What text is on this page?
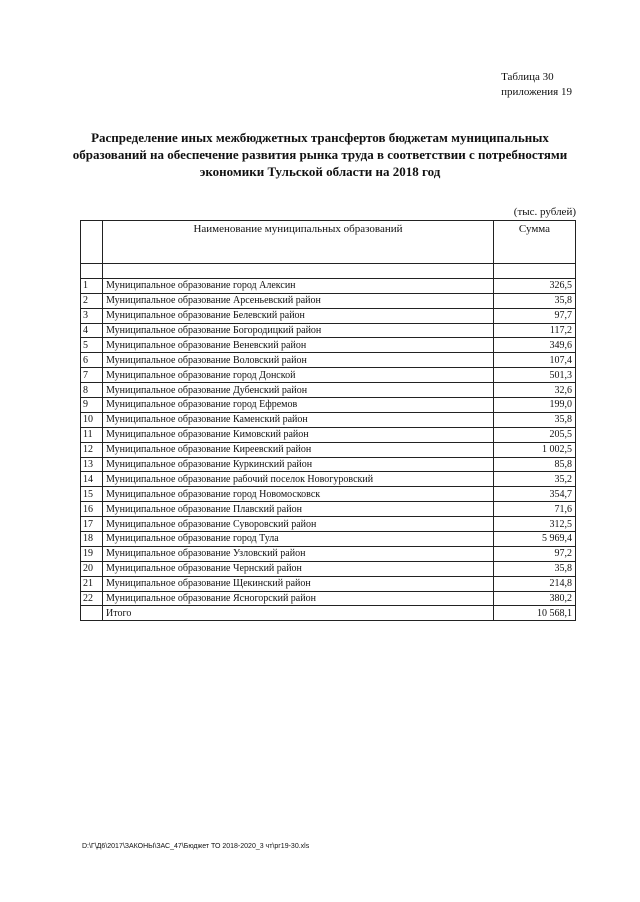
Таблица 30
приложения 19
Распределение иных межбюджетных трансфертов бюджетам муниципальных
образований на обеспечение развития рынка труда в соответствии с потребностями
экономики Тульской области на 2018 год
(тыс. рублей)
	Наименование муниципальных образований	Сумма

1	Муниципальное образование город Алексин	326,5
2	Муниципальное образование Арсеньевский район	35,8
3	Муниципальное образование Белевский район	97,7
4	Муниципальное образование Богородицкий район	117,2
5	Муниципальное образование Веневский район	349,6
6	Муниципальное образование Воловский район	107,4
7	Муниципальное образование город Донской	501,3
8	Муниципальное образование Дубенский район	32,6
9	Муниципальное образование город Ефремов	199,0
10	Муниципальное образование Каменский район	35,8
11	Муниципальное образование Кимовский район	205,5
12	Муниципальное образование Киреевский район	1 002,5
13	Муниципальное образование Куркинский район	85,8
14	Муниципальное образование рабочий поселок Новогуровский	35,2
15	Муниципальное образование город Новомосковск	354,7
16	Муниципальное образование Плавский район	71,6
17	Муниципальное образование Суворовский район	312,5
18	Муниципальное образование город Тула	5 969,4
19	Муниципальное образование Узловский район	97,2
20	Муниципальное образование Чернский район	35,8
21	Муниципальное образование Щекинский район	214,8
22	Муниципальное образование Ясногорский район	380,2
	Итого	10 568,1
D:\Г\Д6\2017\ЗАКОНЫ\ЗАС_47\Бюджет ТО 2018-2020_3 чт\рг19-30.xls
